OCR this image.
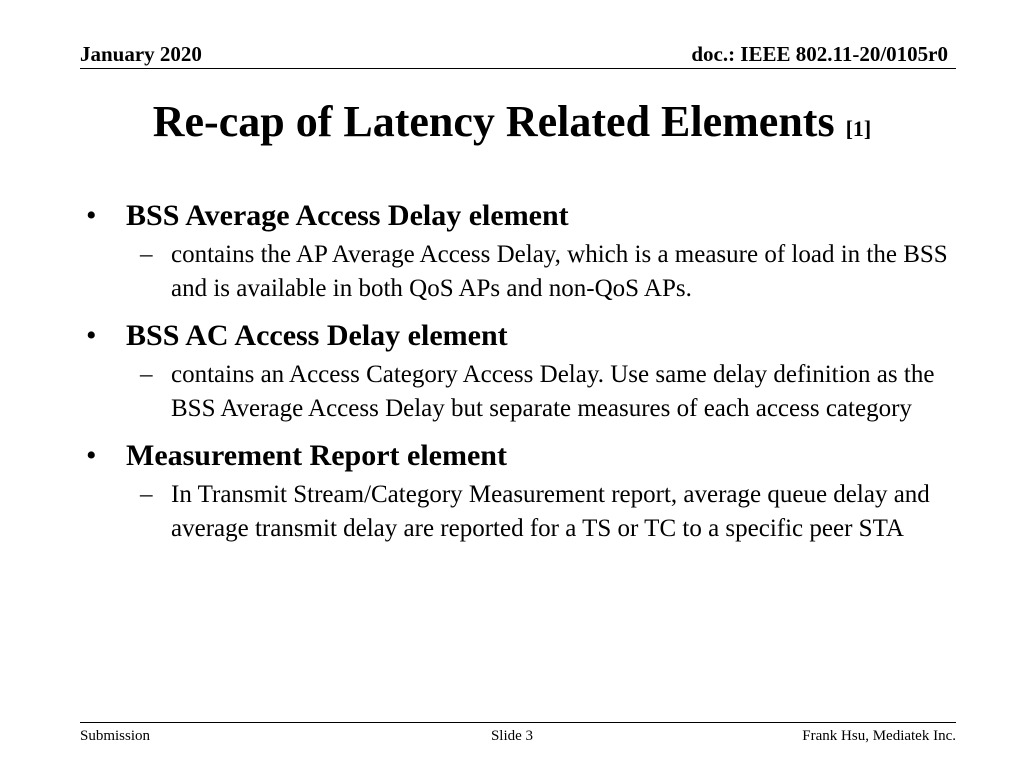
January 2020	doc.: IEEE 802.11-20/0105r0
Re-cap of Latency Related Elements [1]
• BSS Average Access Delay element
– contains the AP Average Access Delay, which is a measure of load in the BSS and is available in both QoS APs and non-QoS APs.
• BSS AC Access Delay element
– contains an Access Category Access Delay. Use same delay definition as the BSS Average Access Delay but separate measures of each access category
• Measurement Report element
– In Transmit Stream/Category Measurement report, average queue delay and average transmit delay are reported for a TS or TC to a specific peer STA
Submission	Slide 3	Frank Hsu, Mediatek Inc.
